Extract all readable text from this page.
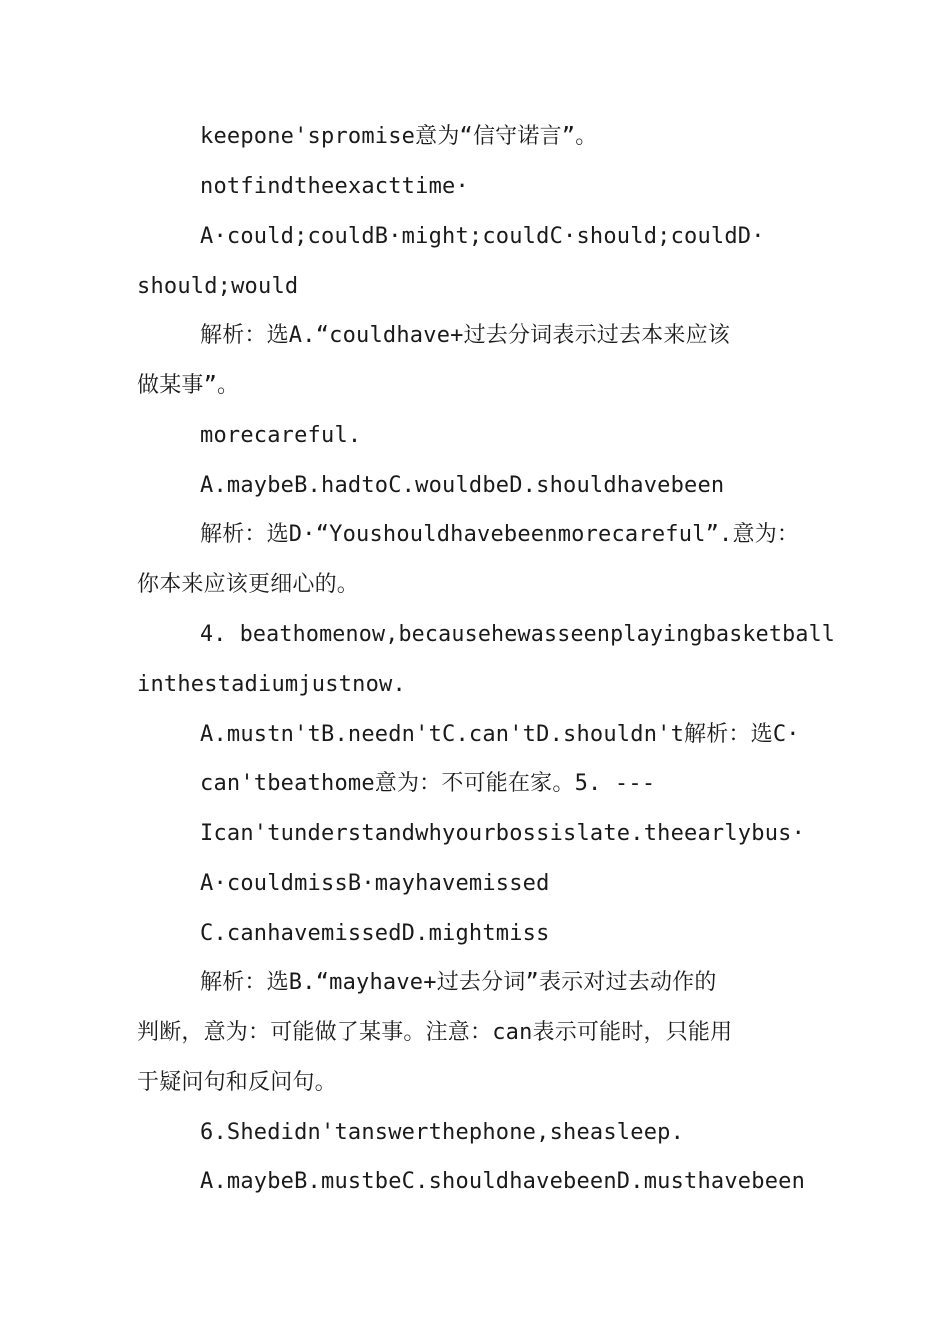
keepone'spromise意为“信守诺言”。
notfindtheexacttime·
A·could;couldB·might;couldC·should;couldD·
should;would
解析：选A.“couldhave+过去分词表示过去本来应该
做某事”。
morecareful.
A.maybeB.hadtoC.wouldbeD.shouldhavebeen
解析：选D·“Youshouldhavebeenmorecareful”.意为：
你本来应该更细心的。
4. beathomenow,becausehewasseenplayingbasketball
inthestadiumjustnow.
A.mustn'tB.needn'tC.can'tD.shouldn't解析：选C·
can'tbeathome意为：不可能在家。5. ---
Ican'tunderstandwhyourbossislate.theearlybus·
A·couldmissB·mayhavemissed
C.canhavemissedD.mightmiss
解析：选B.“mayhave+过去分词”表示对过去动作的
判断，意为：可能做了某事。注意：can表示可能时，只能用
于疑问句和反问句。
6.Shedidn'tanswerthephone,sheasleep.
A.maybeB.mustbeC.shouldhavebeenD.musthavebeen
